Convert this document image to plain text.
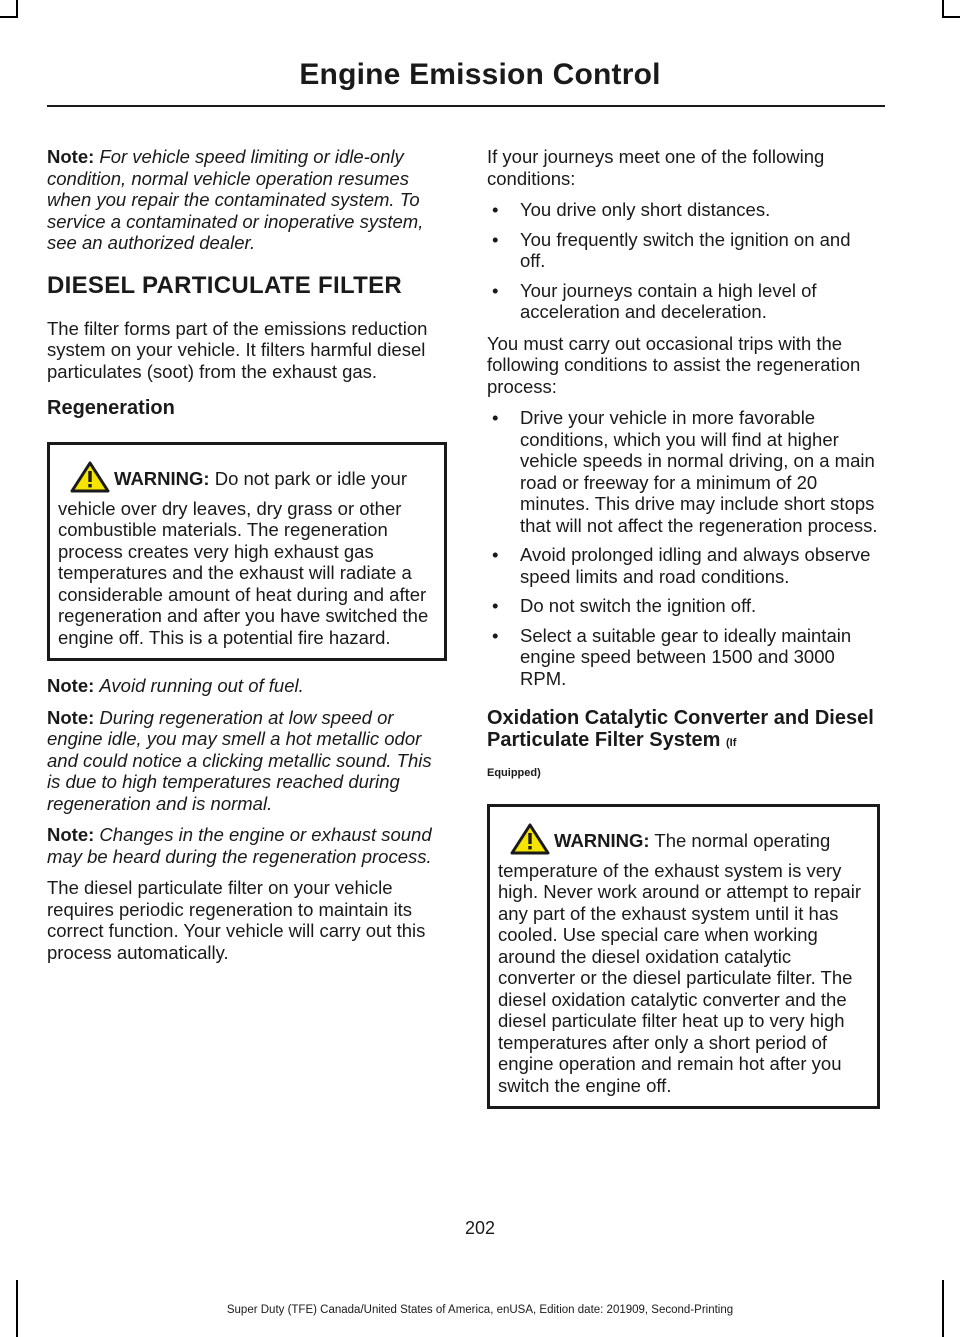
Engine Emission Control

Note: For vehicle speed limiting or idle-only condition, normal vehicle operation resumes when you repair the contaminated system. To service a contaminated or inoperative system, see an authorized dealer.

DIESEL PARTICULATE FILTER

The filter forms part of the emissions reduction system on your vehicle. It filters harmful diesel particulates (soot) from the exhaust gas.

Regeneration
WARNING: Do not park or idle your vehicle over dry leaves, dry grass or other combustible materials. The regeneration process creates very high exhaust gas temperatures and the exhaust will radiate a considerable amount of heat during and after regeneration and after you have switched the engine off. This is a potential fire hazard.

Note: Avoid running out of fuel.

Note: During regeneration at low speed or engine idle, you may smell a hot metallic odor and could notice a clicking metallic sound. This is due to high temperatures reached during regeneration and is normal.

Note: Changes in the engine or exhaust sound may be heard during the regeneration process.

The diesel particulate filter on your vehicle requires periodic regeneration to maintain its correct function. Your vehicle will carry out this process automatically.

If your journeys meet one of the following conditions:

• You drive only short distances.
• You frequently switch the ignition on and off.
• Your journeys contain a high level of acceleration and deceleration.

You must carry out occasional trips with the following conditions to assist the regeneration process:

• Drive your vehicle in more favorable conditions, which you will find at higher vehicle speeds in normal driving, on a main road or freeway for a minimum of 20 minutes. This drive may include short stops that will not affect the regeneration process.
• Avoid prolonged idling and always observe speed limits and road conditions.
• Do not switch the ignition off.
• Select a suitable gear to ideally maintain engine speed between 1500 and 3000 RPM.
Oxidation Catalytic Converter and Diesel Particulate Filter System (If
Equipped)
WARNING: The normal operating temperature of the exhaust system is very high. Never work around or attempt to repair any part of the exhaust system until it has cooled. Use special care when working around the diesel oxidation catalytic converter or the diesel particulate filter. The diesel oxidation catalytic converter and the diesel particulate filter heat up to very high temperatures after only a short period of engine operation and remain hot after you switch the engine off.
202
Super Duty (TFE) Canada/United States of America, enUSA, Edition date: 201909, Second-Printing
